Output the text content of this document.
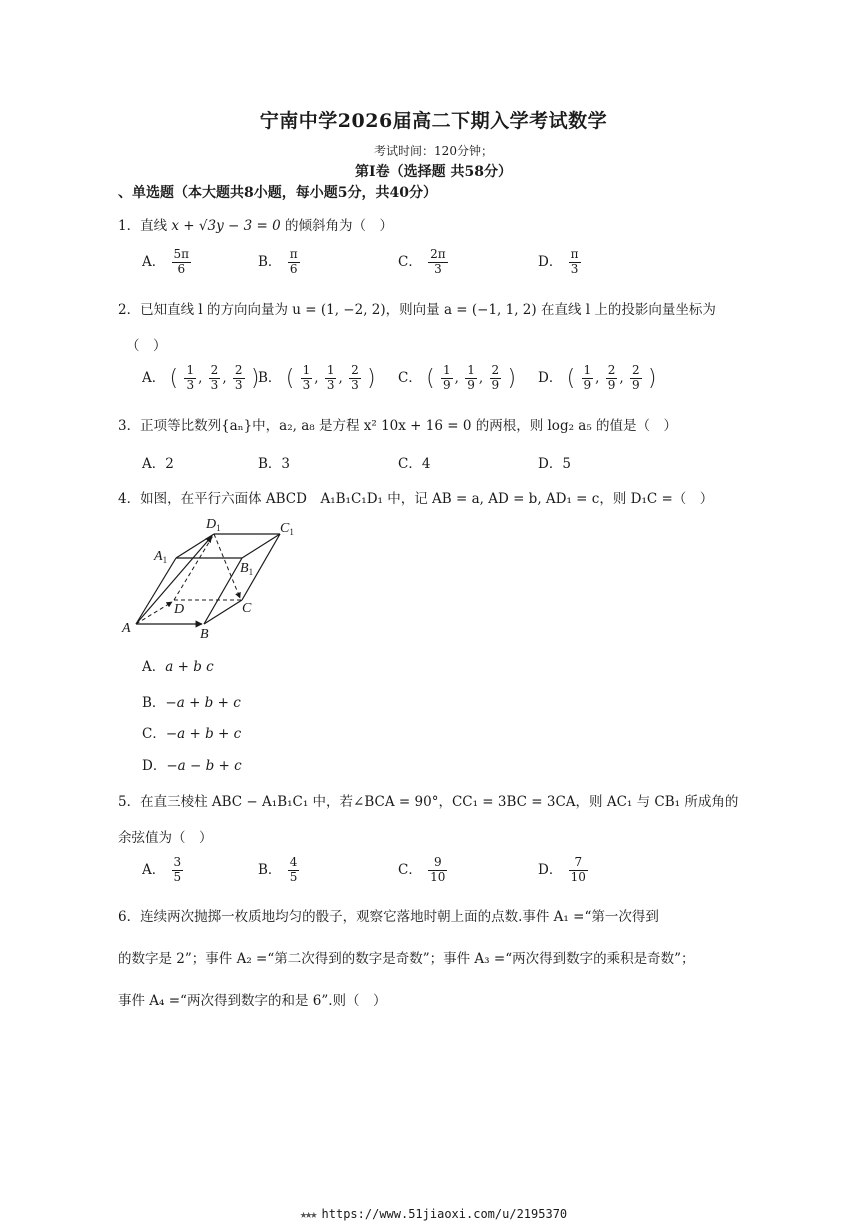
宁南中学2026届高二下期入学考试数学
考试时间：120分钟；
第Ⅰ卷（选择题 共58分）
、单选题（本大题共8小题，每小题5分，共40分）
1．直线 x + √3y − 3 = 0 的倾斜角为（　）
A． $\frac{5\pi}{6}$	B． $\frac{\pi}{6}$	C． $\frac{2\pi}{3}$	D． $\frac{\pi}{3}$
2．已知直线 l 的方向向量为 u = (1, −2, 2)，则向量 a = (−1, 1, 2) 在直线 l 上的投影向量坐标为
（　）
A． ( $\frac{1}{3}$ , $\frac{2}{3}$ , $\frac{2}{3}$ )
B． ( $\frac{1}{3}$ , $\frac{1}{3}$ , $\frac{2}{3}$ ) C． ( $\frac{1}{9}$ , $\frac{1}{9}$ , $\frac{2}{9}$ ) D． ( $\frac{1}{9}$ , $\frac{2}{9}$ , $\frac{2}{9}$ )
3．正项等比数列{aₙ}中，a₂, a₈ 是方程 x² 10x + 16 = 0 的两根，则 log₂ a₅ 的值是（　）
A．2	B．3	C．4	D．5
4．如图，在平行六面体 ABCD　A₁B₁C₁D₁ 中，记 AB = a, AD = b, AD₁ = c，则 D₁C =（　）
A	B
C
D
$A_1$
$B_1$
$C_1$
$D_1$
A．a + b c
B．−a + b + c
C．−a + b + c
D．−a − b + c
5．在直三棱柱 ABC − A₁B₁C₁ 中，若∠BCA = 90°，CC₁ = 3BC = 3CA，则 AC₁ 与 CB₁ 所成角的
余弦值为（　）
A． $\frac{3}{5}$	B． $\frac{4}{5}$	C． $\frac{9}{10}$	D． $\frac{7}{10}$
6．连续两次抛掷一枚质地均匀的骰子，观察它落地时朝上面的点数.事件 A₁ =“第一次得到
的数字是 2”；事件 A₂ =“第二次得到的数字是奇数”；事件 A₃ =“两次得到数字的乘积是奇数”；
事件 A₄ =“两次得到数字的和是 6”.则（　）
★★★ https://www.51jiaoxi.com/u/2195370
